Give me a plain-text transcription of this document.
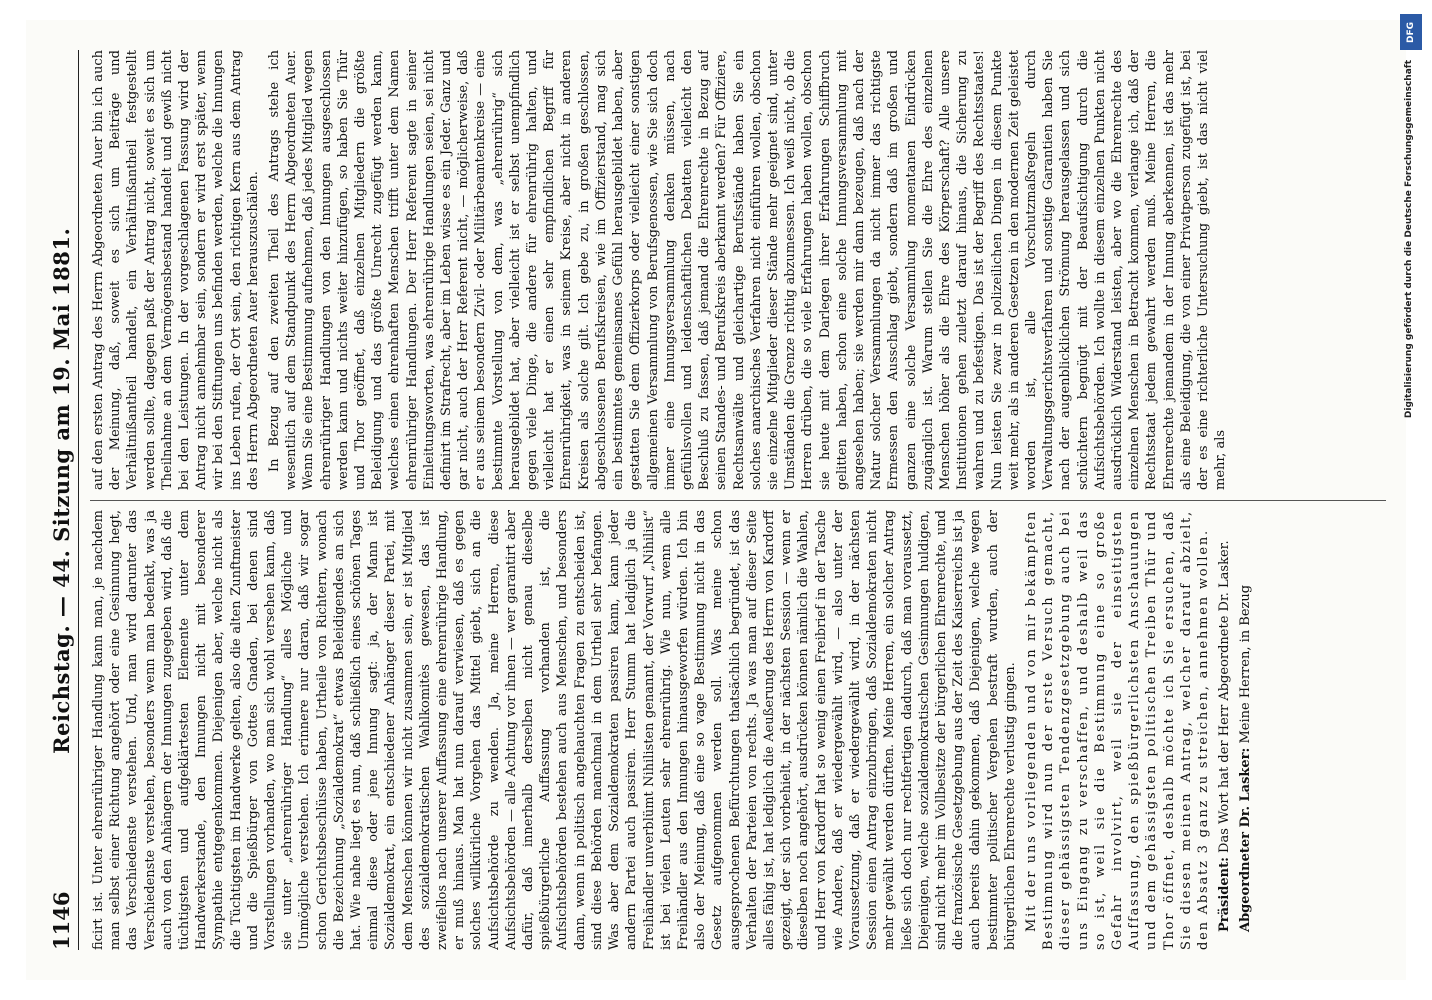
1146
Reichstag. — 44. Sitzung am 19. Mai 1881. ficirt ist. Unter ehrenrühriger Handlung kann man, je nachdem man selbst einer Richtung angehört oder eine Gesinnung hegt, das Verschiedenste verstehen. Und, man wird darunter das Verschiedenste verstehen, besonders wenn man bedenkt, was ja auch von den Anhängern der Innungen zugegeben wird, daß die tüchtigsten und aufgeklärtesten Elemente unter dem Handwerkerstande, den Innungen nicht mit besonderer Sympathie entgegenkommen. Diejenigen aber, welche nicht als die Tüchtigsten im Handwerke gelten, also die alten Zunftmeister und die Spießbürger von Gottes Gnaden, bei denen sind Vorstellungen vorhanden, wo man sich wohl versehen kann, daß sie unter „ehrenrühriger Handlung“ alles Mögliche und Unmögliche verstehen. Ich erinnere nur daran, daß wir sogar schon Gerichtsbeschlüsse haben, Urtheile von Richtern, wonach die Bezeichnung „Sozialdemokrat“ etwas Beleidigendes an sich hat. Wie nahe liegt es nun, daß schließlich eines schönen Tages einmal diese oder jene Innung sagt: ja, der Mann ist Sozialdemokrat, ein entschiedener Anhänger dieser Partei, mit dem Menschen können wir nicht zusammen sein, er ist Mitglied des sozialdemokratischen Wahlkomitès gewesen, das ist zweifellos nach unserer Auffassung eine ehrenrührige Handlung, er muß hinaus. Man hat nun darauf verwiesen, daß es gegen solches willkürliche Vorgehen das Mittel giebt, sich an die Aufsichtsbehörde zu wenden. Ja, meine Herren, diese Aufsichtsbehörden — alle Achtung vor ihnen — wer garantirt aber dafür, daß innerhalb derselben nicht genau dieselbe spießbürgerliche Auffassung vorhanden ist, die Aufsichtsbehörden bestehen auch aus Menschen, und besonders dann, wenn in politisch angehauchten Fragen zu entscheiden ist, sind diese Behörden manchmal in dem Urtheil sehr befangen. Was aber dem Sozialdemokraten passiren kann, kann jeder andern Partei auch passiren. Herr Stumm hat lediglich ja die Freihändler unverblümt Nihilisten genannt, der Vorwurf „Nihilist“ ist bei vielen Leuten sehr ehrenrührig. Wie nun, wenn alle Freihändler aus den Innungen hinausgeworfen würden. Ich bin also der Meinung, daß eine so vage Bestimmung nicht in das Gesetz aufgenommen werden soll. Was meine schon ausgesprochenen Befürchtungen thatsächlich begründet, ist das Verhalten der Parteien von rechts. Ja was man auf dieser Seite alles fähig ist, hat lediglich die Aeußerung des Herrn von Kardorff gezeigt, der sich vorbehielt, in der nächsten Session — wenn er dieselben noch angehört, ausdrücken können nämlich die Wahlen, und Herr von Kardorff hat so wenig einen Freibrief in der Tasche wie Andere, daß er wiedergewählt wird, — also unter der Voraussetzung, daß er wiedergewählt wird, in der nächsten Session einen Antrag einzubringen, daß Sozialdemokraten nicht mehr gewählt werden dürften. Meine Herren, ein solcher Antrag ließe sich doch nur rechtfertigen dadurch, daß man voraussetzt, Diejenigen, welche sozialdemokratischen Gesinnungen huldigen, sind nicht mehr im Vollbesitze der bürgerlichen Ehrenrechte, und die französische Gesetzgebung aus der Zeit des Kaiserreichs ist ja auch bereits dahin gekommen, daß Diejenigen, welche wegen bestimmter politischer Vergehen bestraft wurden, auch der bürgerlichen Ehrenrechte verlustig gingen. Mit der uns vorliegenden und von mir bekämpften Bestimmung wird nun der erste Versuch gemacht, dieser gehässigsten Tendenzgesetzgebung auch bei uns Eingang zu verschaffen, und deshalb weil das so ist, weil sie die Bestimmung eine so große Gefahr involvirt, weil sie der einseitigsten Auffassung, den spießbürgerlichsten Anschauungen und dem gehässigsten politischen Treiben Thür und Thor öffnet, deshalb möchte ich Sie ersuchen, daß Sie diesen meinen Antrag, welcher darauf abzielt, den Absatz 3 ganz zu streichen, annehmen wollen. Präsident: Das Wort hat der Herr Abgeordnete Dr. Lasker. Abgeordneter Dr. Lasker: Meine Herren, in Bezug

auf den ersten Antrag des Herrn Abgeordneten Auer bin ich auch der Meinung, daß, soweit es sich um Beiträge und Verhältnißantheil handelt, ein Verhältnißantheil festgestellt werden sollte, dagegen paßt der Antrag nicht, soweit es sich um Theilnahme an dem Vermögensbestand handelt und gewiß nicht bei den Leistungen. In der vorgeschlagenen Fassung wird der Antrag nicht annehmbar sein, sondern er wird erst später, wenn wir bei den Stiftungen uns befinden werden, welche die Innungen ins Leben rufen, der Ort sein, den richtigen Kern aus dem Antrag des Herrn Abgeordneten Auer herauszuschälen. In Bezug auf den zweiten Theil des Antrags stehe ich wesentlich auf dem Standpunkt des Herrn Abgeordneten Auer. Wenn Sie eine Bestimmung aufnehmen, daß jedes Mitglied wegen ehrenrühriger Handlungen von den Innungen ausgeschlossen werden kann und nichts weiter hinzufügen, so haben Sie Thür und Thor geöffnet, daß einzelnen Mitgliedern die größte Beleidigung und das größte Unrecht zugefügt werden kann, welches einen ehrenhaften Menschen trifft unter dem Namen ehrenrühriger Handlungen. Der Herr Referent sagte in seiner Einleitungsworten, was ehrenrührige Handlungen seien, sei nicht definirt im Strafrecht, aber im Leben wisse es ein Jeder. Ganz und gar nicht, auch der Herr Referent nicht, — möglicherweise, daß er aus seinem besondern Zivil- oder Militärbeamtenkreise — eine bestimmte Vorstellung von dem, was „ehrenrührig“ sich herausgebildet hat, aber vielleicht ist er selbst unempfindlich gegen viele Dinge, die andere für ehrenrührig halten, und vielleicht hat er einen sehr empfindlichen Begriff für Ehrenrührigkeit, was in seinem Kreise, aber nicht in anderen Kreisen als solche gilt. Ich gebe zu, in großen geschlossen, abgeschlossenen Berufskreisen, wie im Offizierstand, mag sich ein bestimmtes gemeinsames Gefühl herausgebildet haben, aber gestatten Sie dem Offizierkorps oder vielleicht einer sonstigen allgemeinen Versammlung von Berufsgenossen, wie Sie sich doch immer eine Innungsversammlung denken müssen, nach gefühlsvollen und leidenschaftlichen Debatten vielleicht den Beschluß zu fassen, daß jemand die Ehrenrechte in Bezug auf seinen Standes- und Berufskreis aberkannt werden? Für Offiziere, Rechtsanwälte und gleichartige Berufsstände haben Sie ein solches anarchisches Verfahren nicht einführen wollen, obschon sie einzelne Mitglieder dieser Stände mehr geeignet sind, unter Umständen die Grenze richtig abzumessen. Ich weiß nicht, ob die Herren drüben, die so viele Erfahrungen haben wollen, obschon sie heute mit dem Darlegen ihrer Erfahrungen Schiffbruch gelitten haben, schon eine solche Innungsversammlung mit angesehen haben; sie werden mir dann bezeugen, daß nach der Natur solcher Versammlungen da nicht immer das richtigste Ermessen den Ausschlag giebt, sondern daß im großen und ganzen eine solche Versammlung momentanen Eindrücken zugänglich ist. Warum stellen Sie die Ehre des einzelnen Menschen höher als die Ehre des Körperschaft? Alle unsere Institutionen gehen zuletzt darauf hinaus, die Sicherung zu wahren und zu befestigen. Das ist der Begriff des Rechtsstaates! Nun leisten Sie zwar in polizeilichen Dingen in diesem Punkte weit mehr, als in anderen Gesetzen in den modernen Zeit geleistet worden ist, alle Vorschutzmaßregeln durch Verwaltungsgerichtsverfahren und sonstige Garantien haben Sie nach der augenblicklichen Strömung herausgelassen und sich schüchtern begnügt mit der Beaufsichtigung durch die Aufsichtsbehörden. Ich wollte in diesem einzelnen Punkten nicht ausdrücklich Widerstand leisten, aber wo die Ehrenrechte des einzelnen Menschen in Betracht kommen, verlange ich, daß der Rechtsstaat jedem gewahrt werden muß. Meine Herren, die Ehrenrechte jemandem in der Innung aberkennen, ist das mehr als eine Beleidigung, die von einer Privatperson zugefügt ist, bei der es eine richterliche Untersuchung giebt, ist das nicht viel mehr, als

DFG
Digitalisierung gefördert durch die Deutsche Forschungsgemeinschaft
